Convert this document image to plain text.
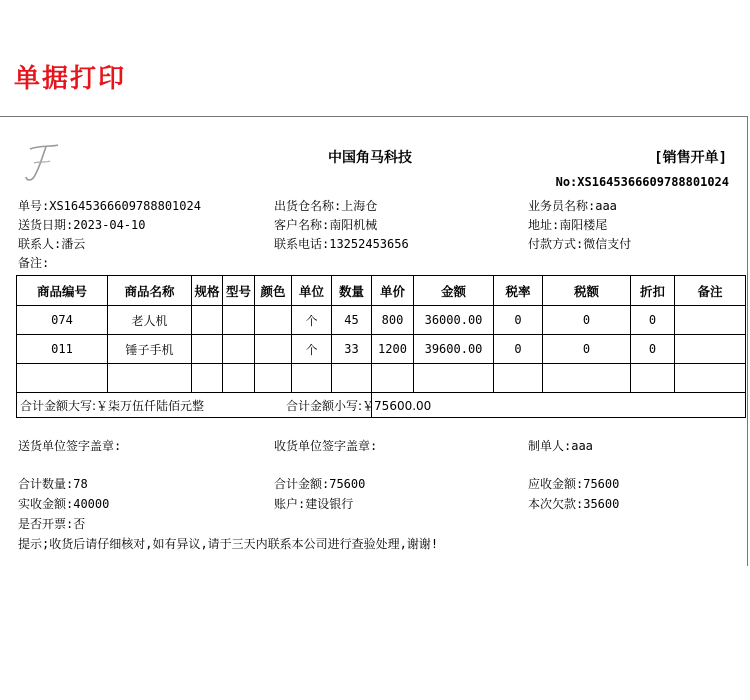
单据打印
中国角马科技	[销售开单]
No:XS1645366609788801024
单号:XS1645366609788801024	出货仓名称:上海仓	业务员名称:aaa
送货日期:2023-04-10	客户名称:南阳机械	地址:南阳楼尾
联系人:潘云	联系电话:13252453656	付款方式:微信支付
备注:
商品编号	商品名称	规格	型号	颜色	单位	数量	单价	金额	税率	税额	折扣	备注
074	老人机				个	45	800	36000.00	0	0	0	
011	锤子手机				个	33	1200	39600.00	0	0	0	

合计金额大写:￥柒万伍仟陆佰元整							合计金额小写:￥75600.00					
送货单位签字盖章:	收货单位签字盖章:	制单人:aaa
合计数量:78	合计金额:75600	应收金额:75600
实收金额:40000	账户:建设银行	本次欠款:35600
是否开票:否
提示;收货后请仔细核对,如有异议,请于三天内联系本公司进行查验处理,谢谢!
